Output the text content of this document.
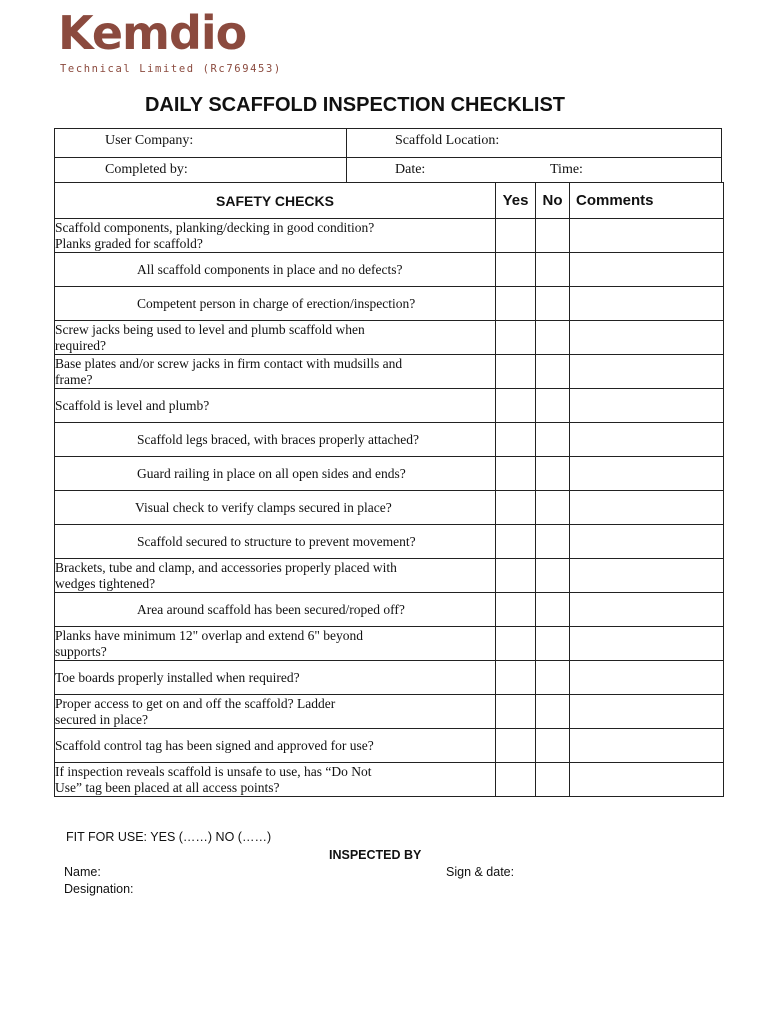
Kemdio
Technical Limited (Rc769453)
DAILY SCAFFOLD INSPECTION CHECKLIST
User Company:	Scaffold Location:
Completed by:	Date:	Time:
SAFETY CHECKS	Yes	No	Comments

Scaffold components, planking/decking in good condition?
Planks graded for scaffold?			

All scaffold components in place and no defects?			

Competent person in charge of erection/inspection?			

Screw jacks being used to level and plumb scaffold when
required?			

Base plates and/or screw jacks in firm contact with mudsills and
frame?			

Scaffold is level and plumb?			

Scaffold legs braced, with braces properly attached?			

Guard railing in place on all open sides and ends?			

Visual check to verify clamps secured in place?			

Scaffold secured to structure to prevent movement?			

Brackets, tube and clamp, and accessories properly placed with
wedges tightened?			

Area around scaffold has been secured/roped off?			

Planks have minimum 12" overlap and extend 6" beyond
supports?			

Toe boards properly installed when required?			

Proper access to get on and off the scaffold? Ladder
secured in place?			

Scaffold control tag has been signed and approved for use?			

If inspection reveals scaffold is unsafe to use, has “Do Not
Use” tag been placed at all access points?			

FIT FOR USE: YES (……) NO (……)
INSPECTED BY
Name:	Sign & date:
Designation:
